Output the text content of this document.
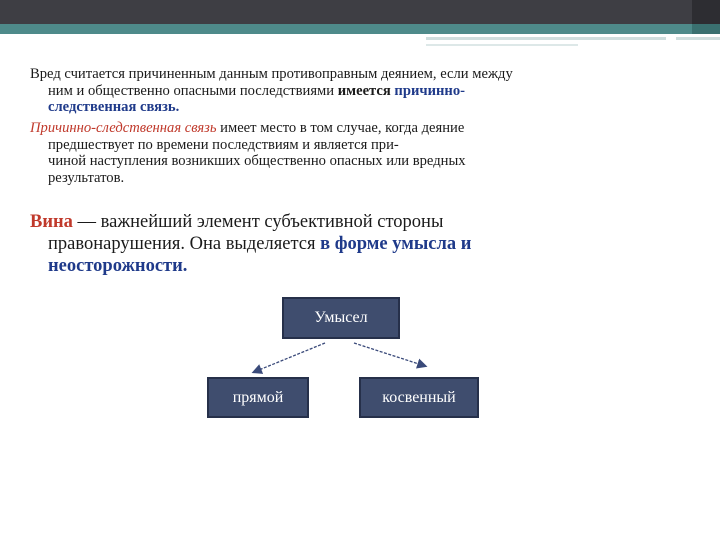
Вред считается причиненным данным противоправным деянием, если между
ним и общественно опасными последствиями имеется причинно-
следственная связь.
Причинно-следственная связь имеет место в том случае, когда деяние
предшествует по времени последствиям и является при-
чиной наступления возникших общественно опасных или вредных
результатов.
Вина — важнейший элемент субъективной стороны
правонарушения. Она выделяется в форме умысла и
неосторожности.
Умысел
прямой	косвенный
